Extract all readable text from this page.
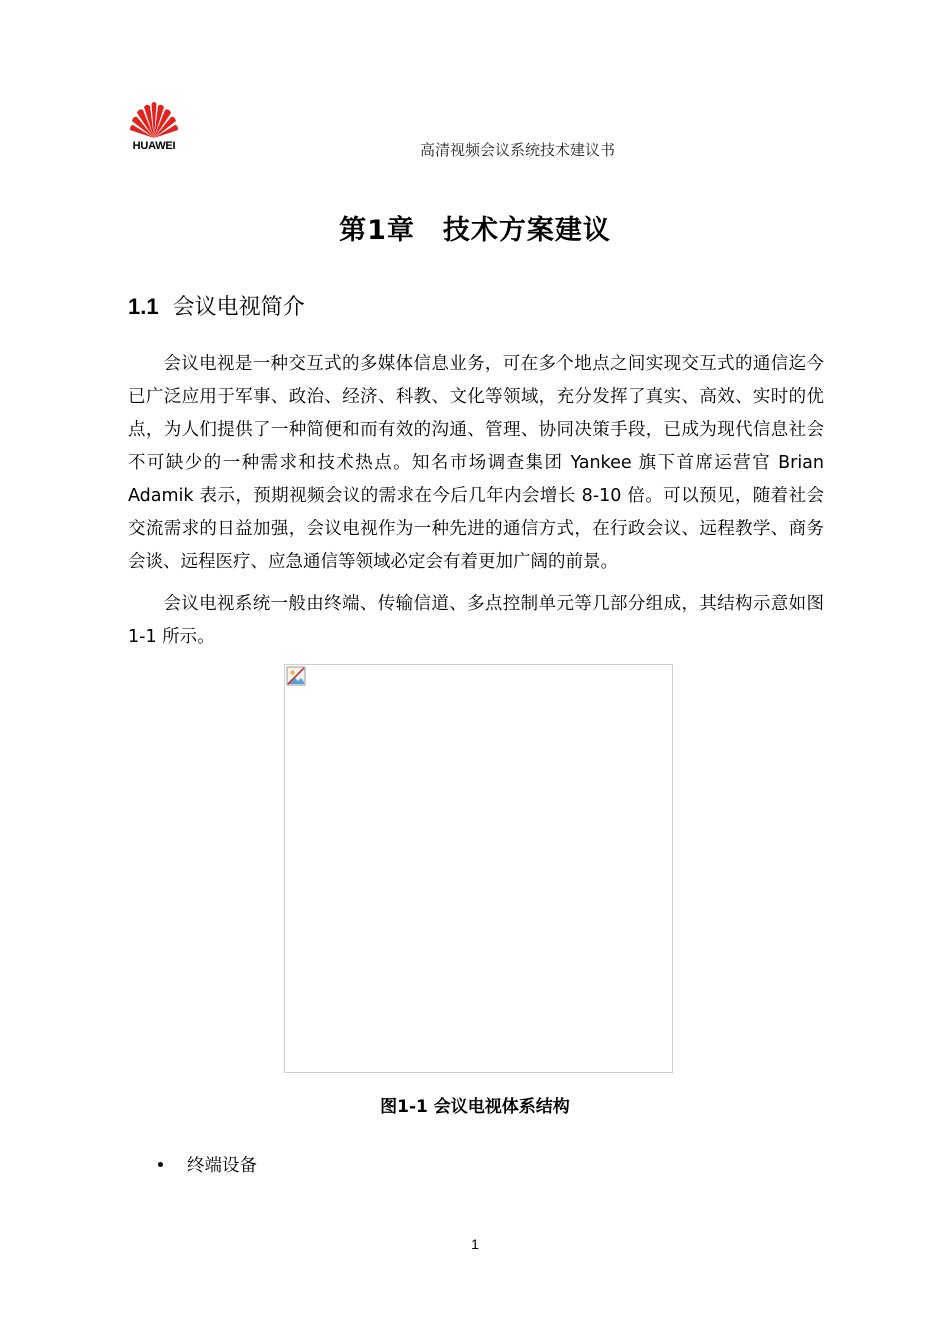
HUAWEI	高清视频会议系统技术建议书
第1章 技术方案建议
1.1 会议电视简介
会议电视是一种交互式的多媒体信息业务，可在多个地点之间实现交互式的通信迄今已广泛应用于军事、政治、经济、科教、文化等领域，充分发挥了真实、高效、实时的优点，为人们提供了一种简便和而有效的沟通、管理、协同决策手段，已成为现代信息社会不可缺少的一种需求和技术热点。知名市场调查集团 Yankee 旗下首席运营官 Brian Adamik 表示，预期视频会议的需求在今后几年内会增长 8-10 倍。可以预见，随着社会交流需求的日益加强，会议电视作为一种先进的通信方式，在行政会议、远程教学、商务会谈、远程医疗、应急通信等领域必定会有着更加广阔的前景。
会议电视系统一般由终端、传输信道、多点控制单元等几部分组成，其结构示意如图 1-1 所示。
图1-1 会议电视体系结构
终端设备
1
